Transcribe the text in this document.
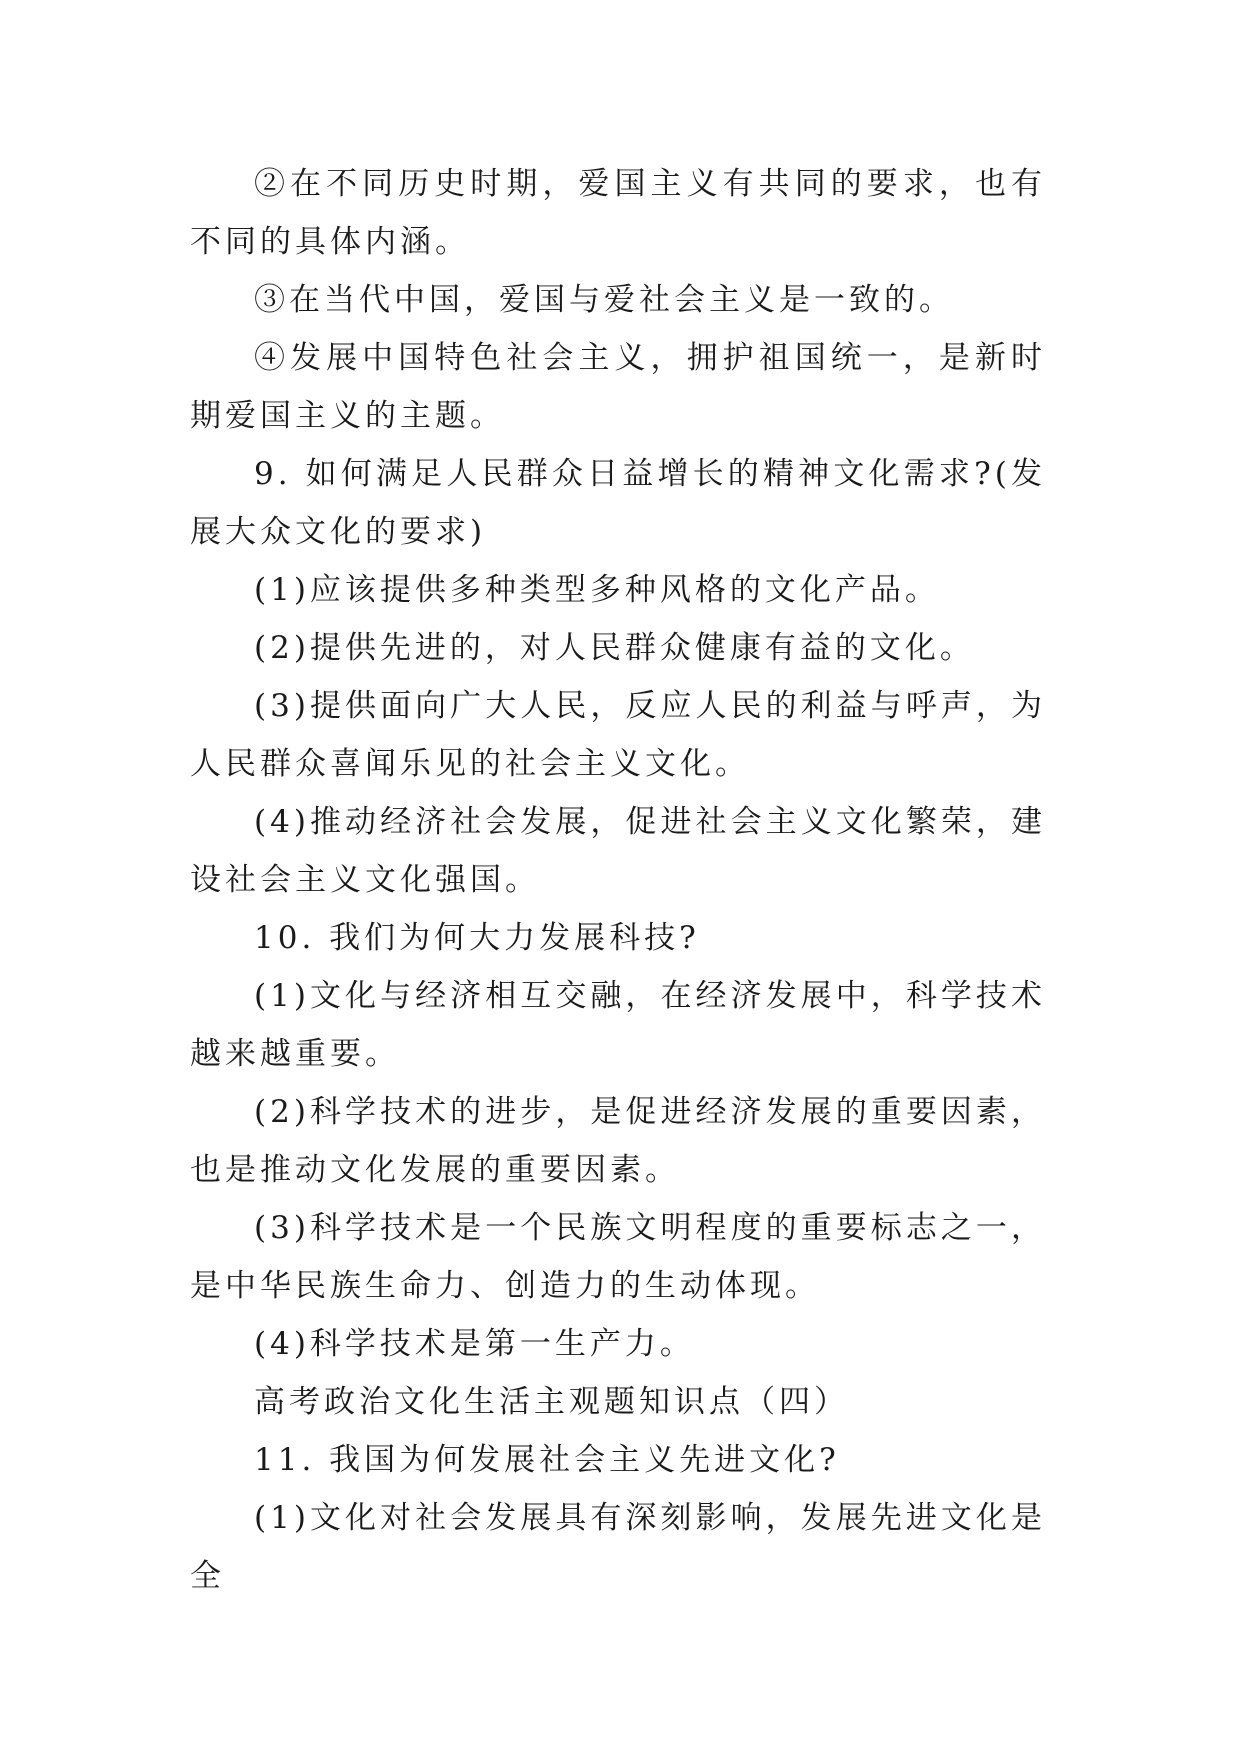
②在不同历史时期，爱国主义有共同的要求，也有不同的具体内涵。

③在当代中国，爱国与爱社会主义是一致的。

④发展中国特色社会主义，拥护祖国统一，是新时期爱国主义的主题。

9. 如何满足人民群众日益增长的精神文化需求?(发展大众文化的要求)

(1)应该提供多种类型多种风格的文化产品。

(2)提供先进的，对人民群众健康有益的文化。

(3)提供面向广大人民，反应人民的利益与呼声，为人民群众喜闻乐见的社会主义文化。

(4)推动经济社会发展，促进社会主义文化繁荣，建设社会主义文化强国。

10. 我们为何大力发展科技?

(1)文化与经济相互交融，在经济发展中，科学技术越来越重要。

(2)科学技术的进步，是促进经济发展的重要因素，也是推动文化发展的重要因素。

(3)科学技术是一个民族文明程度的重要标志之一，是中华民族生命力、创造力的生动体现。

(4)科学技术是第一生产力。

高考政治文化生活主观题知识点（四）

11. 我国为何发展社会主义先进文化?

(1)文化对社会发展具有深刻影响，发展先进文化是全
